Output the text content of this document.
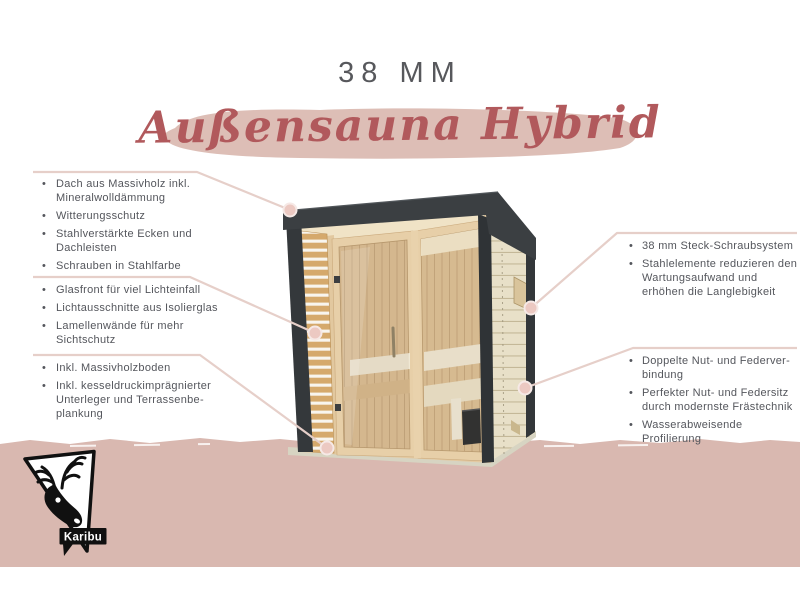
Karibu
38 MM
Außensauna Hybrid
• Dach aus Massivholz inkl. Mineralwolldämmung
• Witterungsschutz
• Stahlverstärkte Ecken und Dachleisten
• Schrauben in Stahlfarbe
• Glasfront für viel Lichteinfall
• Lichtausschnitte aus Isolierglas
• Lamellenwände für mehr Sichtschutz
• Inkl. Massivholzboden
• Inkl. kesseldruckimprägnierter Unterleger und Terrassenbe-plankung
• 38 mm Steck-Schraubsystem
• Stahlelemente reduzieren den Wartungsaufwand und erhöhen die Langlebigkeit
• Doppelte Nut- und Federver-bindung
• Perfekter Nut- und Federsitz durch modernste Frästechnik
• Wasserabweisende Profilierung
